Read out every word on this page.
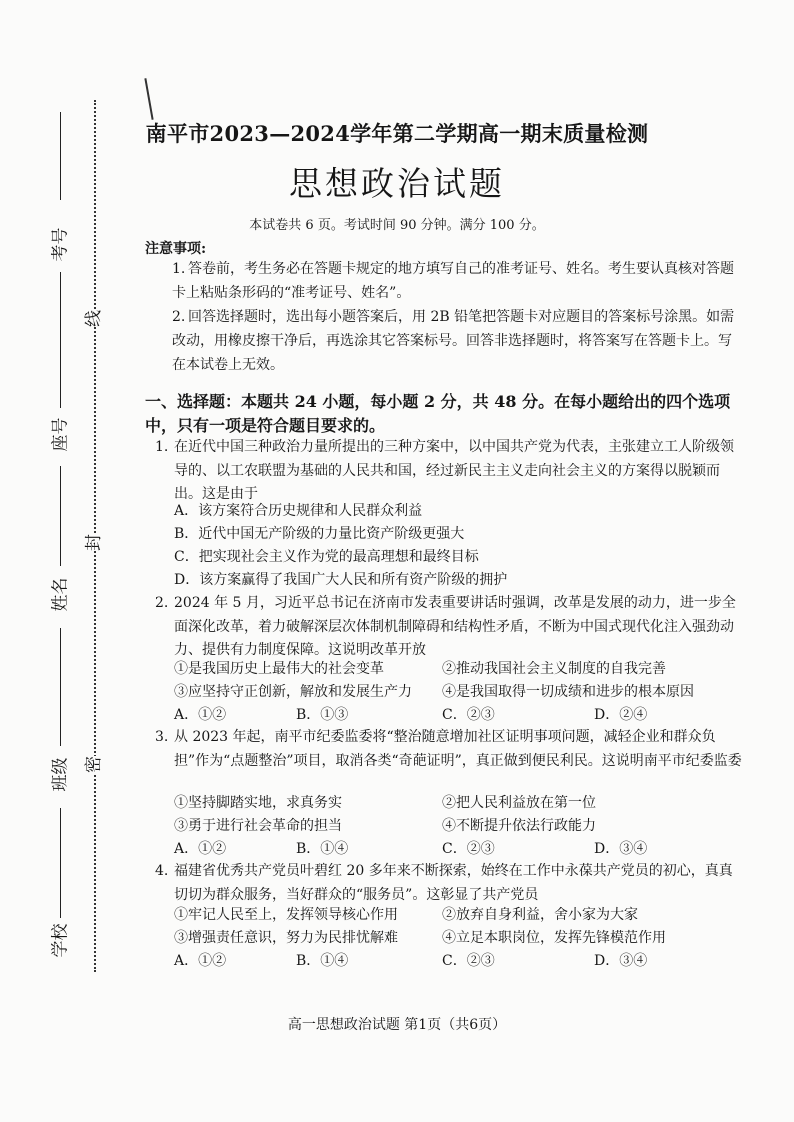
考号
座号
姓名
班级
学校
线
封
密
南平市2023—2024学年第二学期高一期末质量检测
思想政治试题
本试卷共 6 页。考试时间 90 分钟。满分 100 分。
注意事项:
1. 答卷前，考生务必在答题卡规定的地方填写自己的准考证号、姓名。考生要认真核对答题卡上粘贴条形码的“准考证号、姓名”。
2. 回答选择题时，选出每小题答案后，用 2B 铅笔把答题卡对应题目的答案标号涂黑。如需改动，用橡皮擦干净后，再选涂其它答案标号。回答非选择题时，将答案写在答题卡上。写在本试卷上无效。
一、选择题：本题共 24 小题，每小题 2 分，共 48 分。在每小题给出的四个选项中，只有一项是符合题目要求的。
1. 在近代中国三种政治力量所提出的三种方案中，以中国共产党为代表，主张建立工人阶级领导的、以工农联盟为基础的人民共和国，经过新民主主义走向社会主义的方案得以脱颖而出。这是由于
A．该方案符合历史规律和人民群众利益
B．近代中国无产阶级的力量比资产阶级更强大
C．把实现社会主义作为党的最高理想和最终目标
D．该方案赢得了我国广大人民和所有资产阶级的拥护
2. 2024 年 5 月，习近平总书记在济南市发表重要讲话时强调，改革是发展的动力，进一步全面深化改革，着力破解深层次体制机制障碍和结构性矛盾，不断为中国式现代化注入强劲动力、提供有力制度保障。这说明改革开放
①是我国历史上最伟大的社会变革	②推动我国社会主义制度的自我完善
③应坚持守正创新，解放和发展生产力 ④是我国取得一切成绩和进步的根本原因
A．①②	B．①③	C．②③	D．②④
3. 从 2023 年起，南平市纪委监委将“整治随意增加社区证明事项问题，减轻企业和群众负担”作为“点题整治”项目，取消各类“奇葩证明”，真正做到便民利民。这说明南平市纪委监委
①坚持脚踏实地，求真务实	②把人民利益放在第一位
③勇于进行社会革命的担当	④不断提升依法行政能力
A．①②	B．①④	C．②③	D．③④
4. 福建省优秀共产党员叶碧红 20 多年来不断探索，始终在工作中永葆共产党员的初心，真真切切为群众服务，当好群众的“服务员”。这彰显了共产党员
①牢记人民至上，发挥领导核心作用	②放弃自身利益，舍小家为大家
③增强责任意识，努力为民排忧解难	④立足本职岗位，发挥先锋模范作用
A．①②	B．①④	C．②③	D．③④
高一思想政治试题 第1页（共6页）
